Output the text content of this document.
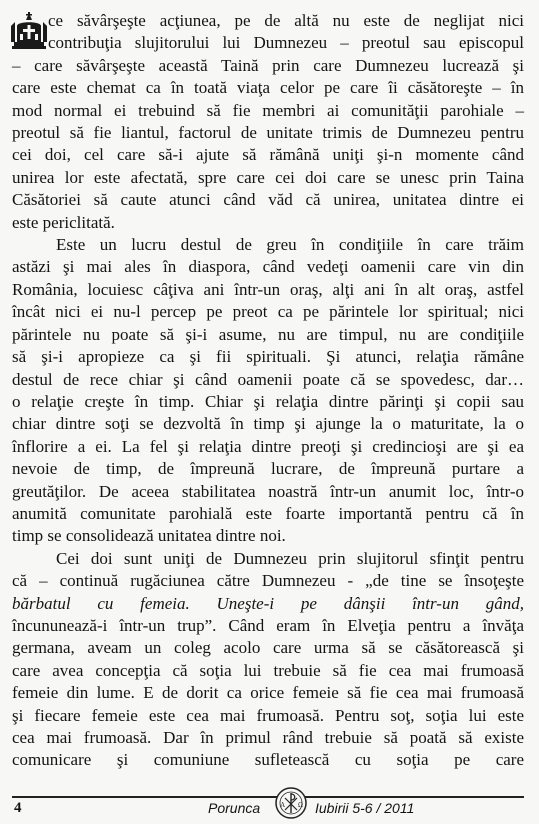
ce săvârşeşte acţiunea, pe de altă nu este de neglijat nici
contribuţia slujitorului lui Dumnezeu – preotul sau episcopul
– care săvârşeşte această Taină prin care Dumnezeu lucrează şi
care este chemat ca în toată viaţa celor pe care îi căsătoreşte – în
mod normal ei trebuind să fie membri ai comunităţii parohiale –
preotul să fie liantul, factorul de unitate trimis de Dumnezeu pentru
cei doi, cel care să-i ajute să rămână uniţi şi-n momente când
unirea lor este afectată, spre care cei doi care se unesc prin Taina
Căsătoriei să caute atunci când văd că unirea, unitatea dintre ei
este periclitată.
Este un lucru destul de greu în condiţiile în care trăim
astăzi şi mai ales în diaspora, când vedeţi oamenii care vin din
România, locuiesc câţiva ani într-un oraş, alţi ani în alt oraş, astfel
încât nici ei nu-l percep pe preot ca pe părintele lor spiritual; nici
părintele nu poate să şi-i asume, nu are timpul, nu are condiţiile
să şi-i apropieze ca şi fii spirituali. Şi atunci, relaţia rămâne
destul de rece chiar şi când oamenii poate că se spovedesc, dar…
o relaţie creşte în timp. Chiar şi relaţia dintre părinţi şi copii sau
chiar dintre soţi se dezvoltă în timp şi ajunge la o maturitate, la o
înflorire a ei. La fel şi relaţia dintre preoţi şi credincioşi are şi ea
nevoie de timp, de împreună lucrare, de împreună purtare a
greutăţilor. De aceea stabilitatea noastră într-un anumit loc, într-o
anumită comunitate parohială este foarte importantă pentru că în
timp se consolidează unitatea dintre noi.
Cei doi sunt uniţi de Dumnezeu prin slujitorul sfinţit pentru
că – continuă rugăciunea către Dumnezeu - „de tine se însoţeşte
bărbatul cu femeia. Uneşte-i pe dânşii într-un gând,
încununează-i într-un trup”. Când eram în Elveţia pentru a învăţa
germana, aveam un coleg acolo care urma să se căsătorească şi
care avea concepţia că soţia lui trebuie să fie cea mai frumoasă
femeie din lume. E de dorit ca orice femeie să fie cea mai frumoasă
şi fiecare femeie este cea mai frumoasă. Pentru soţ, soţia lui este
cea mai frumoasă. Dar în primul rând trebuie să poată să existe
comunicare şi comuniune sufletească cu soţia pe care
4	Porunca	A Ω Iubirii 5-6 / 2011
